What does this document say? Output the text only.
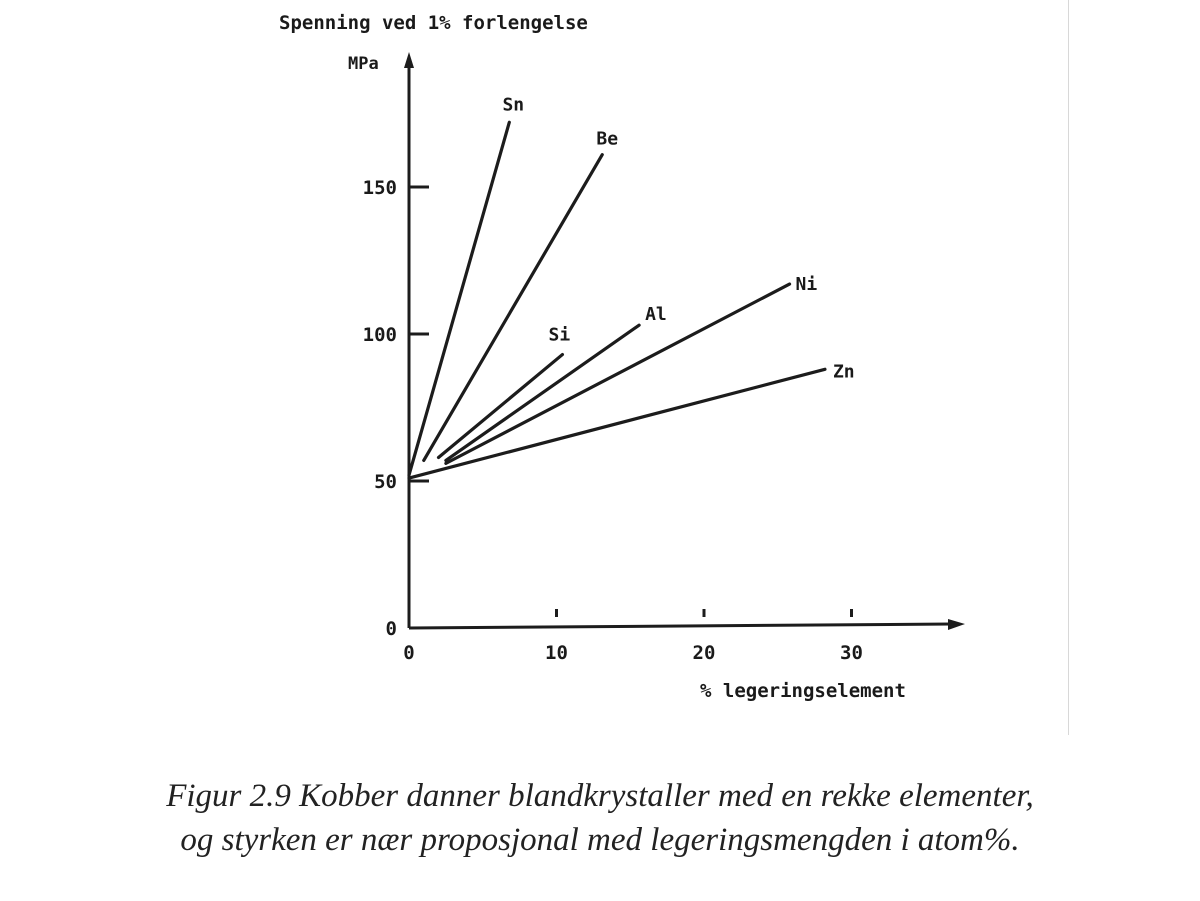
0
50
100
150
0	10	20	30
Sn
Be
Si
Al
Ni
Zn
Spenning ved 1% forlengelse
MPa
% legeringselement
Figur 2.9 Kobber danner blandkrystaller med en rekke elementer,
og styrken er nær proposjonal med legeringsmengden i atom%.
